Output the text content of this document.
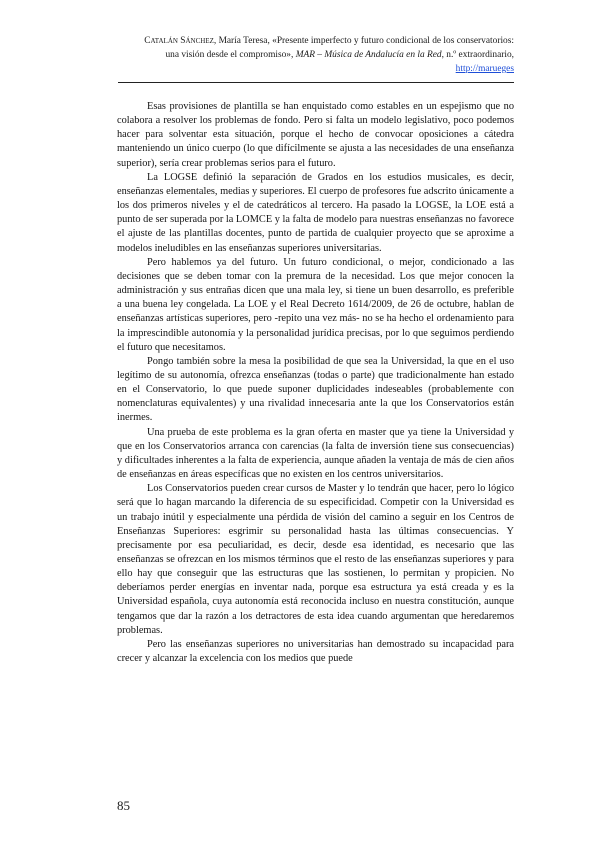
Catalán Sánchez, María Teresa, «Presente imperfecto y futuro condicional de los conservatorios: una visión desde el compromiso», MAR – Música de Andalucía en la Red, n.º extraordinario, http://marueges

Esas provisiones de plantilla se han enquistado como estables en un espejismo que no colabora a resolver los problemas de fondo. Pero si falta un modelo legislativo, poco podemos hacer para solventar esta situación, porque el hecho de convocar oposiciones a cátedra manteniendo un único cuerpo (lo que difícilmente se ajusta a las necesidades de una enseñanza superior), sería crear problemas serios para el futuro.

La LOGSE definió la separación de Grados en los estudios musicales, es decir, enseñanzas elementales, medias y superiores. El cuerpo de profesores fue adscrito únicamente a los dos primeros niveles y el de catedráticos al tercero. Ha pasado la LOGSE, la LOE está a punto de ser superada por la LOMCE y la falta de modelo para nuestras enseñanzas no favorece el ajuste de las plantillas docentes, punto de partida de cualquier proyecto que se aproxime a modelos ineludibles en las enseñanzas superiores universitarias.

Pero hablemos ya del futuro. Un futuro condicional, o mejor, condicionado a las decisiones que se deben tomar con la premura de la necesidad. Los que mejor conocen la administración y sus entrañas dicen que una mala ley, si tiene un buen desarrollo, es preferible a una buena ley congelada. La LOE y el Real Decreto 1614/2009, de 26 de octubre, hablan de enseñanzas artísticas superiores, pero -repito una vez más- no se ha hecho el ordenamiento para la imprescindible autonomía y la personalidad jurídica precisas, por lo que seguimos perdiendo el futuro que necesitamos.

Pongo también sobre la mesa la posibilidad de que sea la Universidad, la que en el uso legítimo de su autonomía, ofrezca enseñanzas (todas o parte) que tradicionalmente han estado en el Conservatorio, lo que puede suponer duplicidades indeseables (probablemente con nomenclaturas equivalentes) y una rivalidad innecesaria ante la que los Conservatorios están inermes.

Una prueba de este problema es la gran oferta en master que ya tiene la Universidad y que en los Conservatorios arranca con carencias (la falta de inversión tiene sus consecuencias) y dificultades inherentes a la falta de experiencia, aunque añaden la ventaja de más de cien años de enseñanzas en áreas específicas que no existen en los centros universitarios.

Los Conservatorios pueden crear cursos de Master y lo tendrán que hacer, pero lo lógico será que lo hagan marcando la diferencia de su especificidad. Competir con la Universidad es un trabajo inútil y especialmente una pérdida de visión del camino a seguir en los Centros de Enseñanzas Superiores: esgrimir su personalidad hasta las últimas consecuencias. Y precisamente por esa peculiaridad, es decir, desde esa identidad, es necesario que las enseñanzas se ofrezcan en los mismos términos que el resto de las enseñanzas superiores y para ello hay que conseguir que las estructuras que las sostienen, lo permitan y propicien. No deberíamos perder energías en inventar nada, porque esa estructura ya está creada y es la Universidad española, cuya autonomía está reconocida incluso en nuestra constitución, aunque tengamos que dar la razón a los detractores de esta idea cuando argumentan que heredaremos problemas.

Pero las enseñanzas superiores no universitarias han demostrado su incapacidad para crecer y alcanzar la excelencia con los medios que puede

85
